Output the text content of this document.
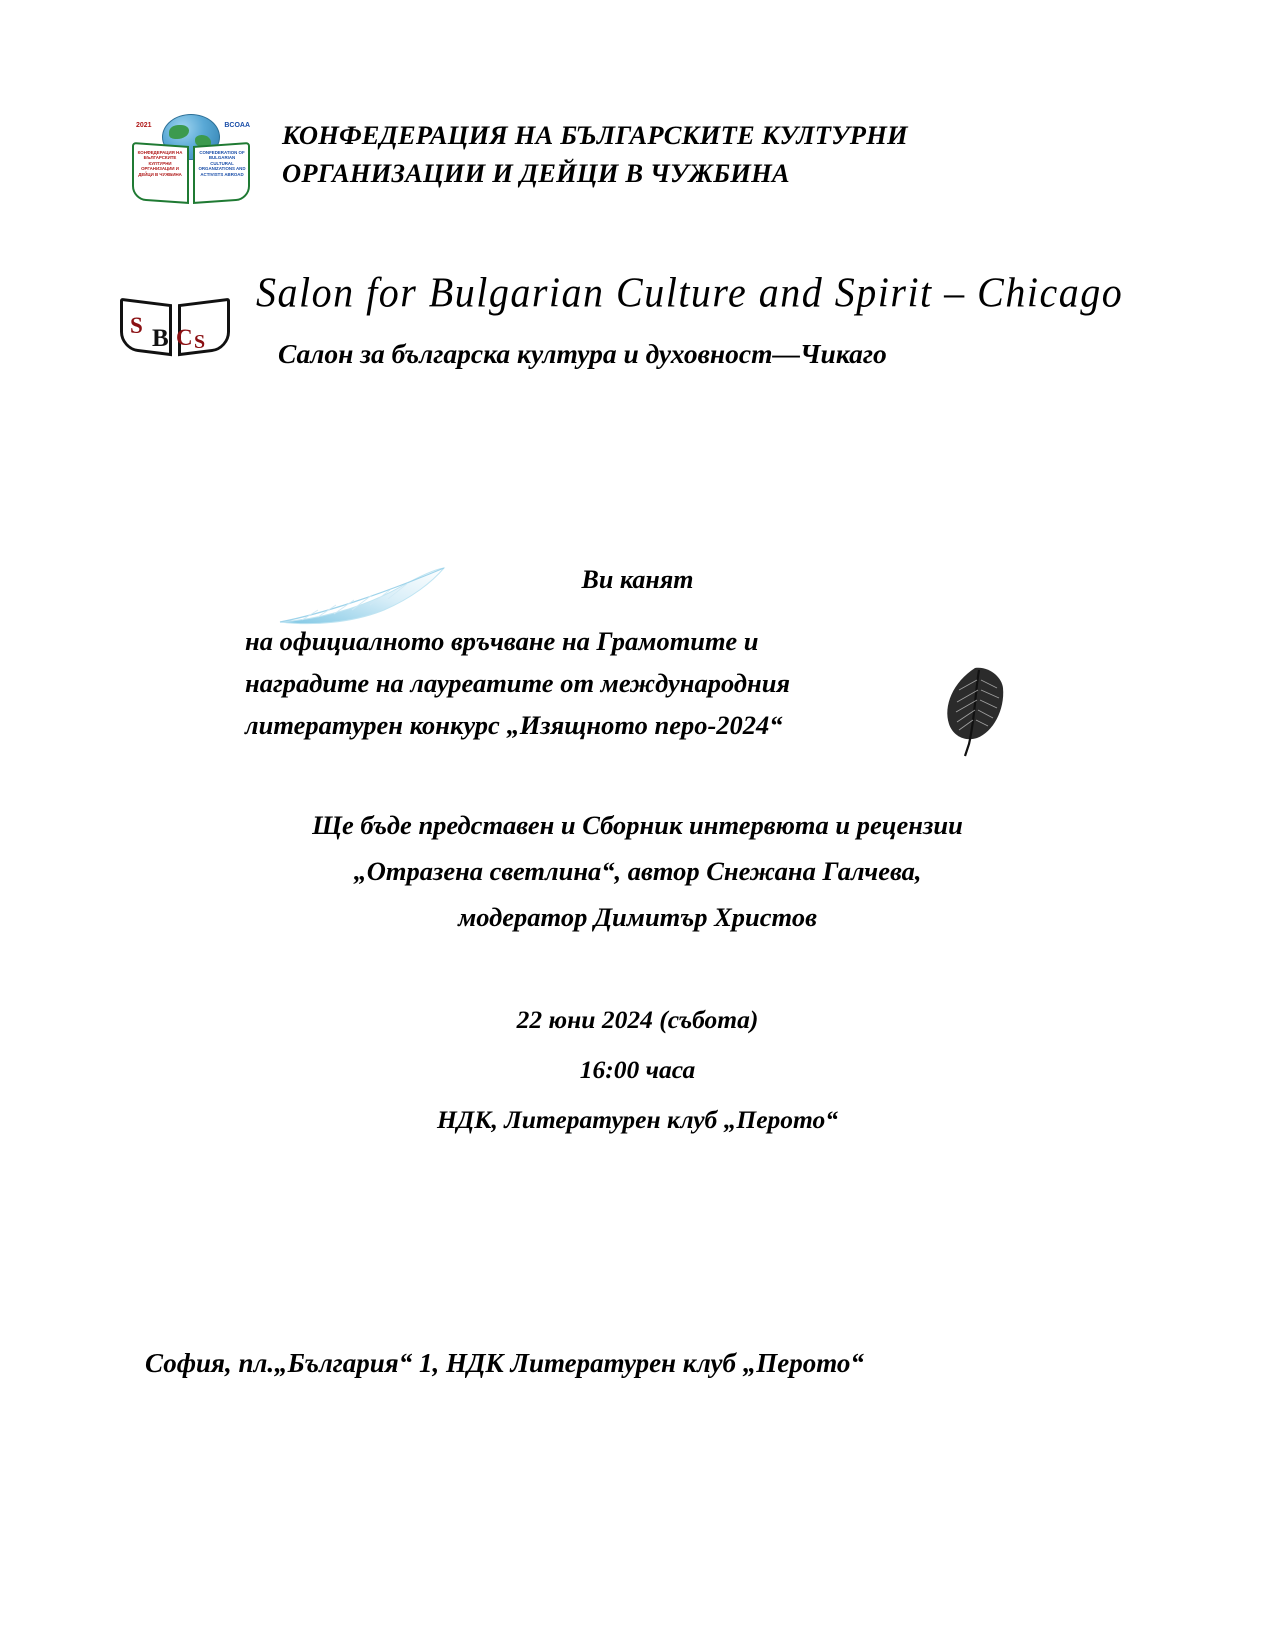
2021	BCOAA
КОНФЕДЕРАЦИЯ НА БЪЛГАРСКИТЕ КУЛТУРНИ ОРГАНИЗАЦИИ И ДЕЙЦИ В ЧУЖБИНА
CONFEDERATION OF BULGARIAN CULTURAL ORGANIZATIONS AND ACTIVISTS ABROAD
КОНФЕДЕРАЦИЯ НА БЪЛГАРСКИТЕ КУЛТУРНИ
ОРГАНИЗАЦИИ И ДЕЙЦИ В ЧУЖБИНА
S B C S
Salon for Bulgarian Culture and Spirit – Chicago
Салон за българска култура и духовност—Чикаго
Ви канят
на официалното връчване на Грамотите и
наградите на лауреатите от международния
литературен конкурс „Изящното перо-2024“
Ще бъде представен и Сборник интервюта и рецензии
„Отразена светлина“, автор Снежана Галчева,
модератор Димитър Христов
22 юни 2024 (събота)
16:00 часа
НДК, Литературен клуб „Перото“
София, пл.„България“ 1, НДК Литературен клуб „Перото“
